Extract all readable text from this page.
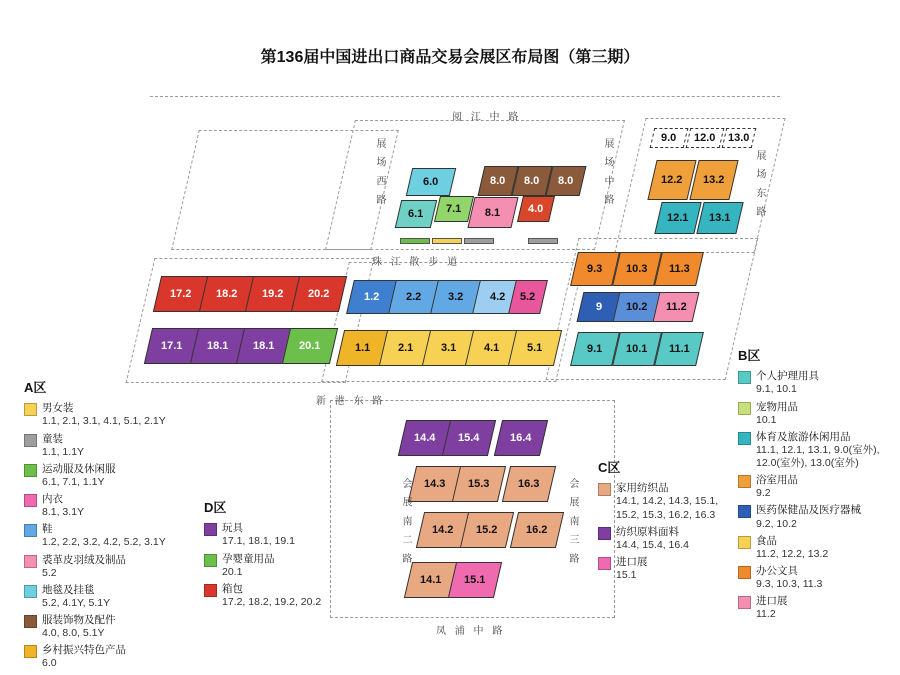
第136届中国进出口商品交易会展区布局图（第三期）
6.0	8.0 8.0 8.0
6.1 7.1 8.1	4.0
12.2 13.2
12.1 13.1
9.0 12.0 13.0
17.2 18.2 19.2 20.2
17.1 18.1 18.1 20.1
1.2 2.2 3.2 4.2 5.2
1.1	2.1	3.1	4.1	5.1
9.3 10.3 11.3
9 10.2 11.2
9.1 10.1 11.1
14.4 15.4	16.4
14.3 15.3	16.3
14.2 15.2	16.2
14.1 15.1
阅 江 中 路
展 场 西 路	展 场 中 路	展 场 东 路
珠 江 散 步 道
新 港 东 路
会 展 南 二 路	会 展 南 三 路
凤 浦 中 路
A区
男女装
1.1, 2.1, 3.1, 4.1, 5.1, 2.1Y
童装
1.1, 1.1Y
运动服及休闲服
6.1, 7.1, 1.1Y
内衣
8.1, 3.1Y
鞋
1.2, 2.2, 3.2, 4.2, 5.2, 3.1Y
裘革皮羽绒及制品
5.2
地毯及挂毯
5.2, 4.1Y, 5.1Y
服装饰物及配件
4.0, 8.0, 5.1Y
乡村振兴特色产品
6.0
D区
玩具
17.1, 18.1, 19.1
孕婴童用品
20.1
箱包
17.2, 18.2, 19.2, 20.2
C区
家用纺织品
14.1, 14.2, 14.3, 15.1, 15.2, 15.3, 16.2, 16.3
纺织原料面料
14.4, 15.4, 16.4
进口展
15.1
B区
个人护理用具
9.1, 10.1
宠物用品
10.1
体育及旅游休闲用品
11.1, 12.1, 13.1, 9.0(室外), 12.0(室外), 13.0(室外)
浴室用品
9.2
医药保健品及医疗器械
9.2, 10.2
食品
11.2, 12.2, 13.2
办公文具
9.3, 10.3, 11.3
进口展
11.2
